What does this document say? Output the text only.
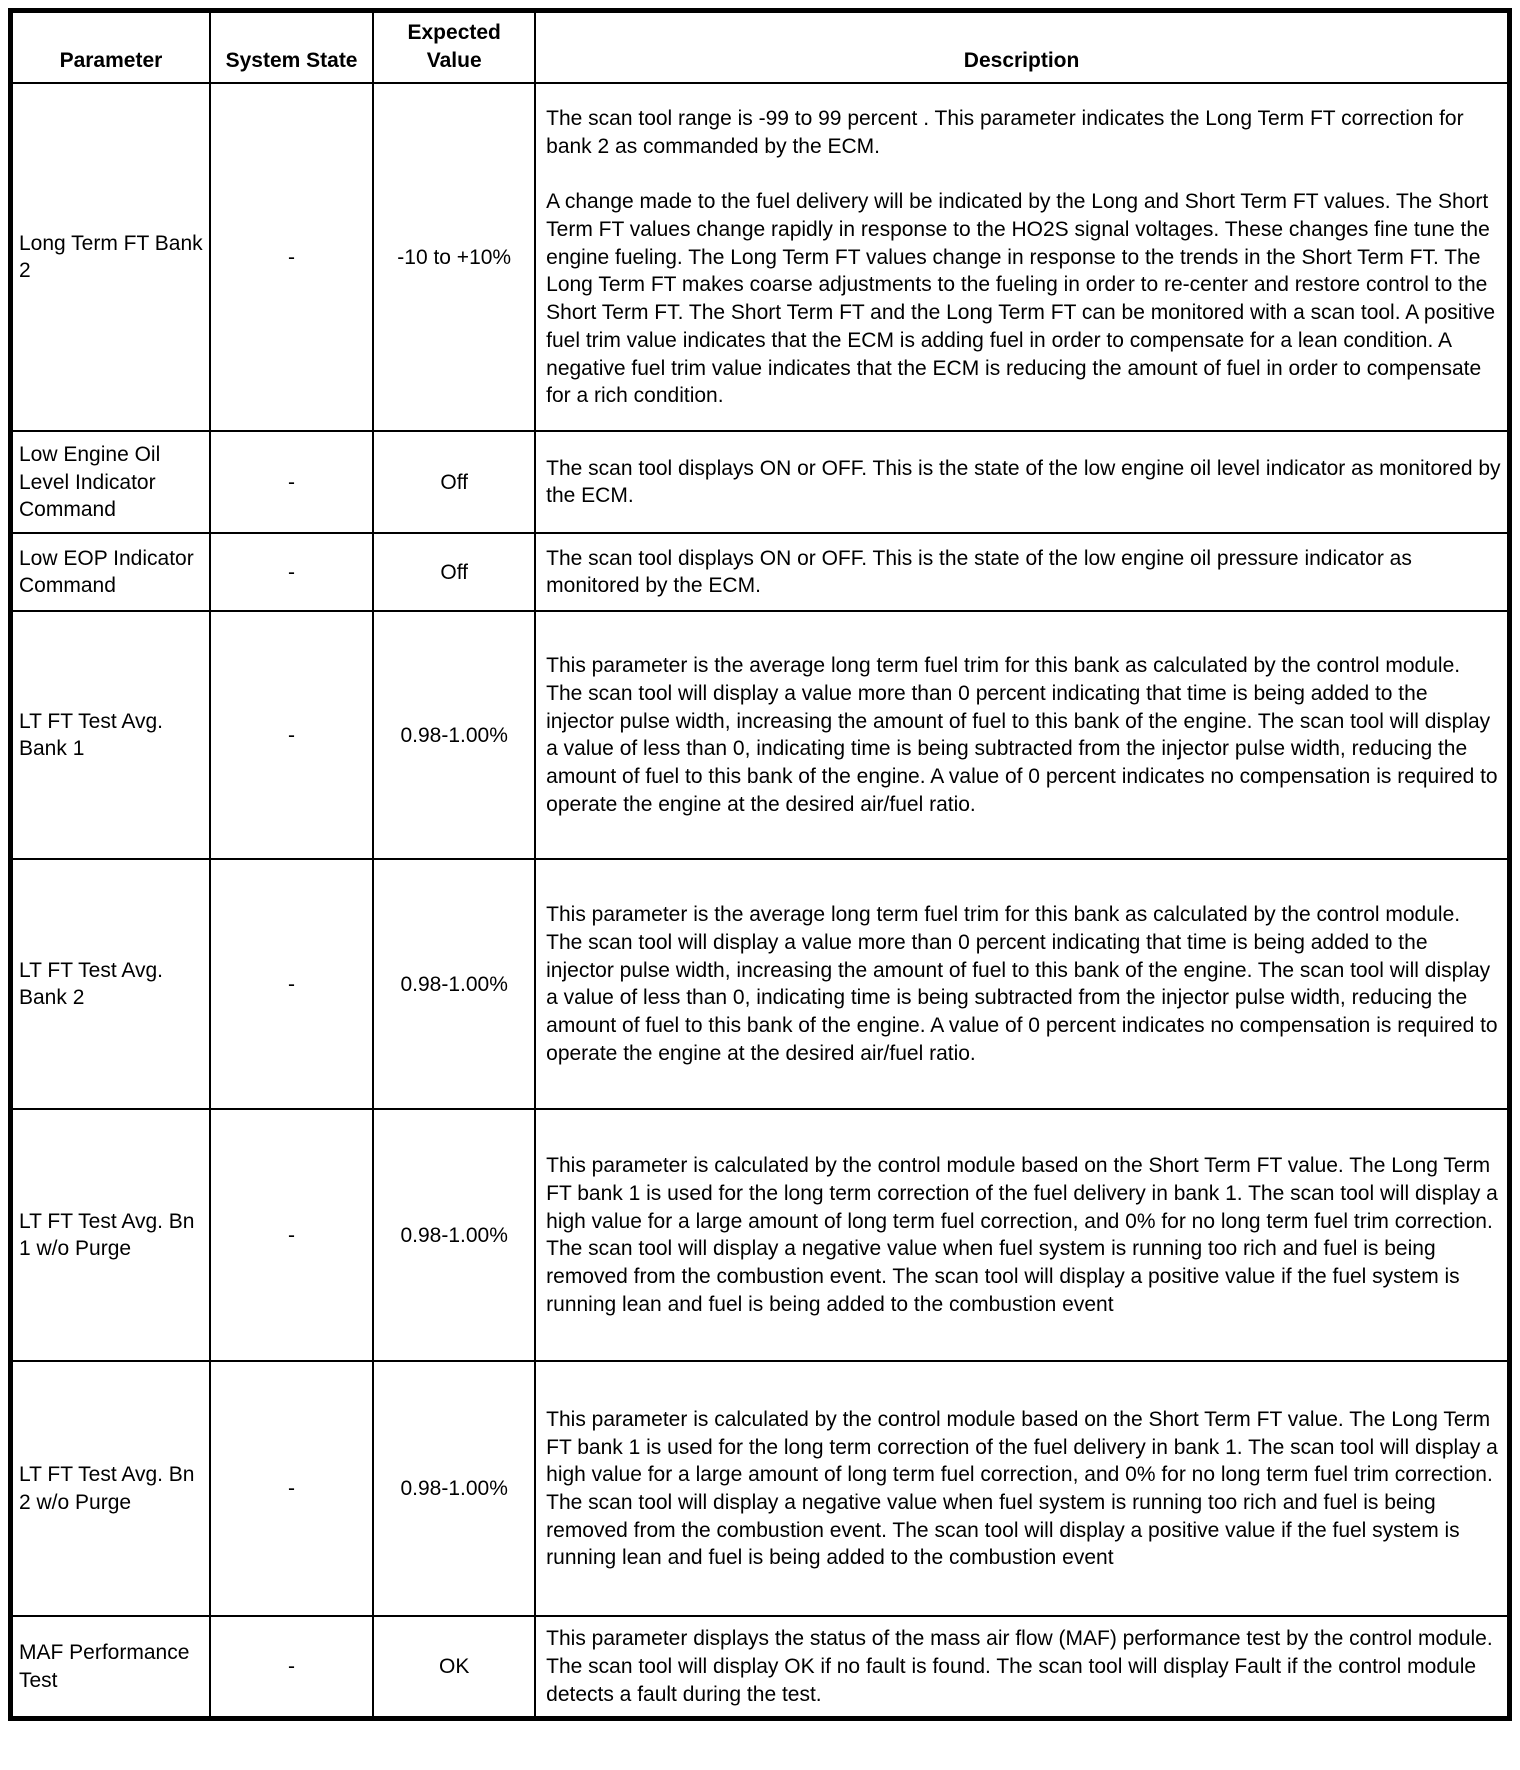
Parameter	System State	Expected Value	Description
Long Term FT Bank 2	-	-10 to +10%	The scan tool range is -99 to 99 percent . This parameter indicates the Long Term FT correction for bank 2 as commanded by the ECM.

A change made to the fuel delivery will be indicated by the Long and Short Term FT values. The Short Term FT values change rapidly in response to the HO2S signal voltages. These changes fine tune the engine fueling. The Long Term FT values change in response to the trends in the Short Term FT. The Long Term FT makes coarse adjustments to the fueling in order to re-center and restore control to the Short Term FT. The Short Term FT and the Long Term FT can be monitored with a scan tool. A positive fuel trim value indicates that the ECM is adding fuel in order to compensate for a lean condition. A negative fuel trim value indicates that the ECM is reducing the amount of fuel in order to compensate for a rich condition.

Low Engine Oil Level Indicator Command	-	Off	The scan tool displays ON or OFF. This is the state of the low engine oil level indicator as monitored by the ECM.

Low EOP Indicator Command	-	Off	The scan tool displays ON or OFF. This is the state of the low engine oil pressure indicator as monitored by the ECM.

LT FT Test Avg. Bank 1	-	0.98-1.00%	This parameter is the average long term fuel trim for this bank as calculated by the control module. The scan tool will display a value more than 0 percent indicating that time is being added to the injector pulse width, increasing the amount of fuel to this bank of the engine. The scan tool will display a value of less than 0, indicating time is being subtracted from the injector pulse width, reducing the amount of fuel to this bank of the engine. A value of 0 percent indicates no compensation is required to operate the engine at the desired air/fuel ratio.

LT FT Test Avg. Bank 2	-	0.98-1.00%	This parameter is the average long term fuel trim for this bank as calculated by the control module. The scan tool will display a value more than 0 percent indicating that time is being added to the injector pulse width, increasing the amount of fuel to this bank of the engine. The scan tool will display a value of less than 0, indicating time is being subtracted from the injector pulse width, reducing the amount of fuel to this bank of the engine. A value of 0 percent indicates no compensation is required to operate the engine at the desired air/fuel ratio.

LT FT Test Avg. Bn 1 w/o Purge	-	0.98-1.00%	This parameter is calculated by the control module based on the Short Term FT value. The Long Term FT bank 1 is used for the long term correction of the fuel delivery in bank 1. The scan tool will display a high value for a large amount of long term fuel correction, and 0% for no long term fuel trim correction. The scan tool will display a negative value when fuel system is running too rich and fuel is being removed from the combustion event. The scan tool will display a positive value if the fuel system is running lean and fuel is being added to the combustion event

LT FT Test Avg. Bn 2 w/o Purge	-	0.98-1.00%	This parameter is calculated by the control module based on the Short Term FT value. The Long Term FT bank 1 is used for the long term correction of the fuel delivery in bank 1. The scan tool will display a high value for a large amount of long term fuel correction, and 0% for no long term fuel trim correction. The scan tool will display a negative value when fuel system is running too rich and fuel is being removed from the combustion event. The scan tool will display a positive value if the fuel system is running lean and fuel is being added to the combustion event

MAF Performance Test	-	OK	This parameter displays the status of the mass air flow (MAF) performance test by the control module. The scan tool will display OK if no fault is found. The scan tool will display Fault if the control module detects a fault during the test.
